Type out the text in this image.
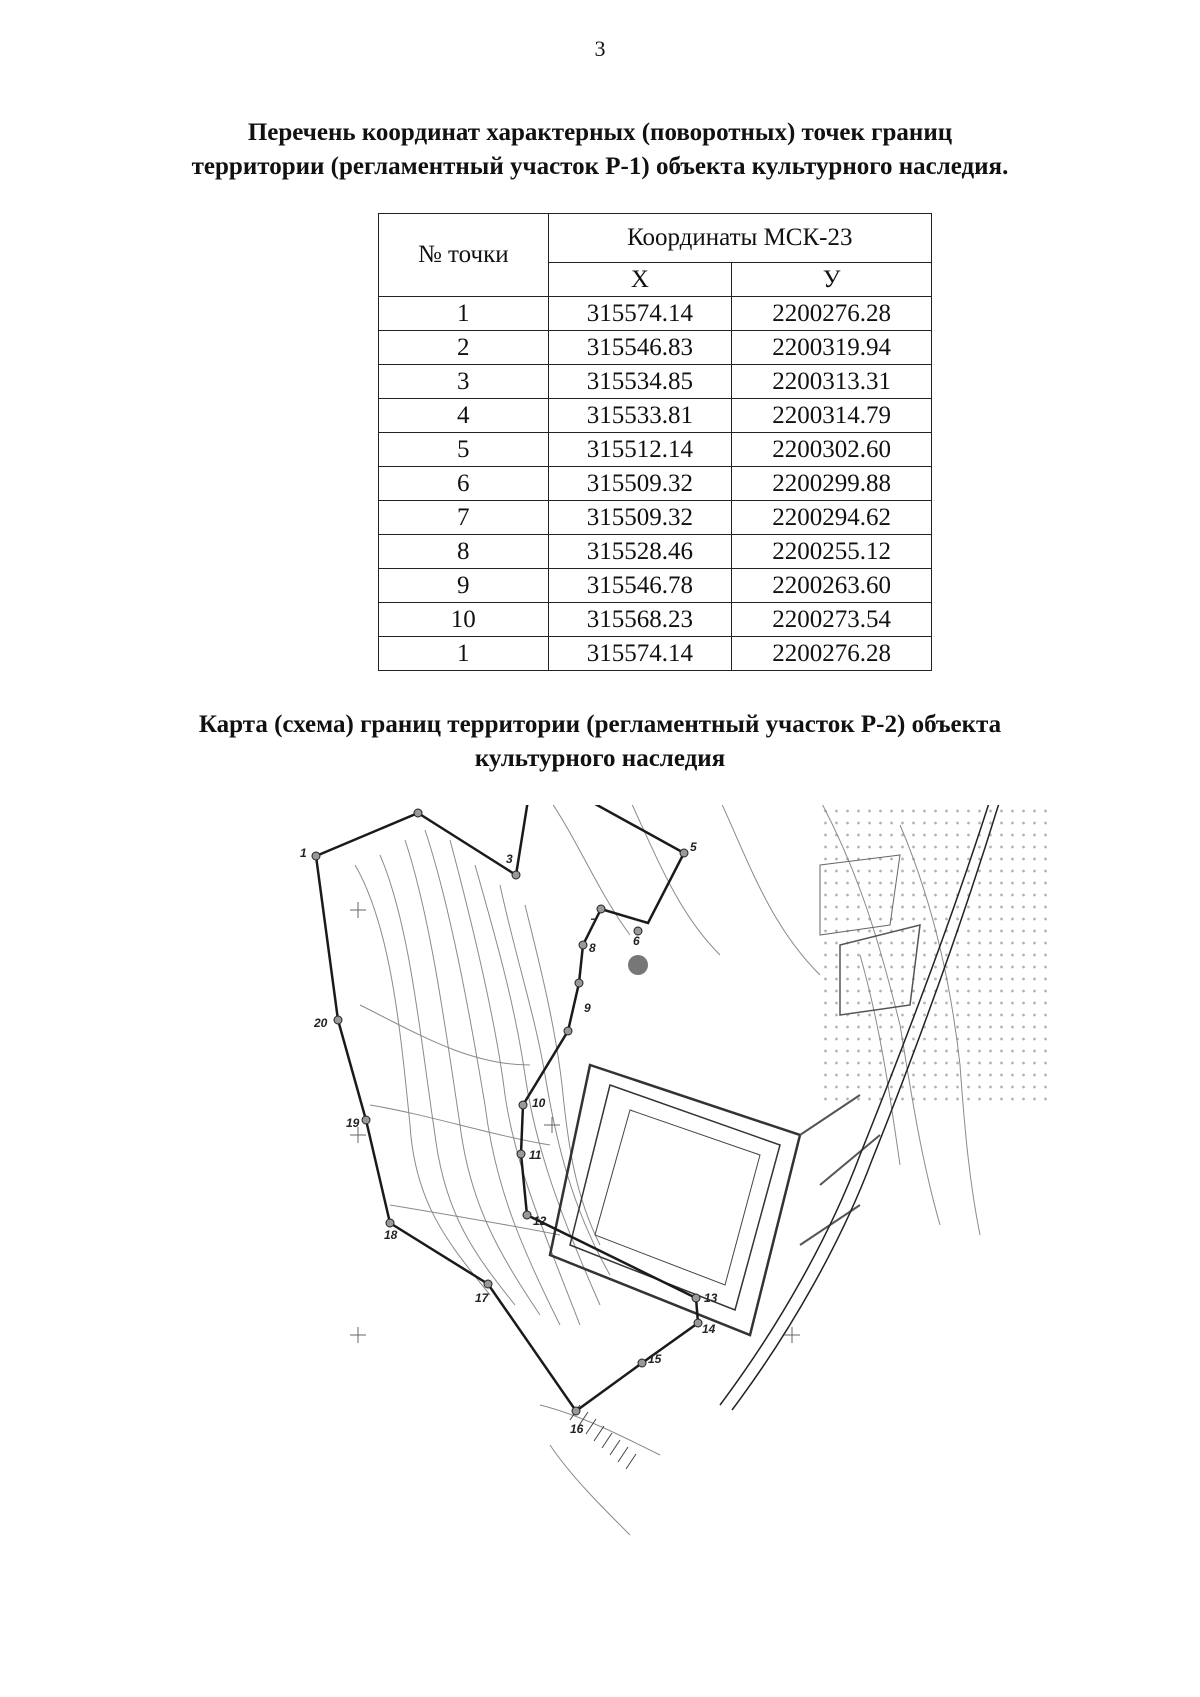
3
Перечень координат характерных (поворотных) точек границ
территории (регламентный участок Р-1) объекта культурного наследия.
№ точки	Координаты МСК-23	
	Х	У
1	315574.14	2200276.28
2	315546.83	2200319.94
3	315534.85	2200313.31
4	315533.81	2200314.79
5	315512.14	2200302.60
6	315509.32	2200299.88
7	315509.32	2200294.62
8	315528.46	2200255.12
9	315546.78	2200263.60
10	315568.23	2200273.54
1	315574.14	2200276.28
Карта (схема) границ территории (регламентный участок Р-2) объекта
культурного наследия
1	3
5
6
7
8
9
10
11
12
13
14
15
16
17
18
19
20
